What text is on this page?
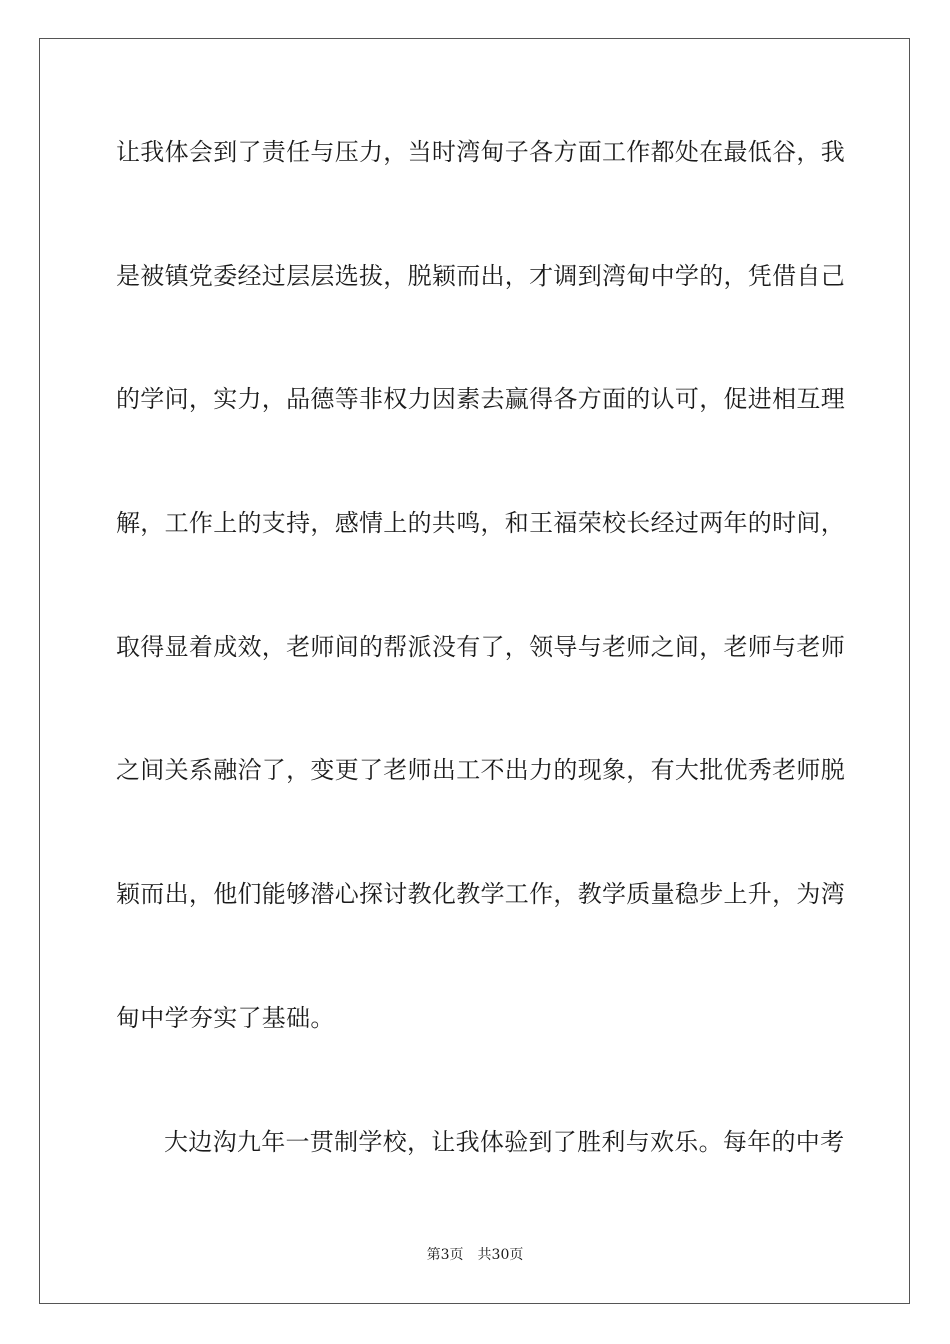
让我体会到了责任与压力，当时湾甸子各方面工作都处在最低谷，我
是被镇党委经过层层选拔，脱颖而出，才调到湾甸中学的，凭借自己
的学问，实力，品德等非权力因素去赢得各方面的认可，促进相互理
解，工作上的支持，感情上的共鸣，和王福荣校长经过两年的时间，
取得显着成效，老师间的帮派没有了，领导与老师之间，老师与老师
之间关系融洽了，变更了老师出工不出力的现象，有大批优秀老师脱
颖而出，他们能够潜心探讨教化教学工作，教学质量稳步上升，为湾
甸中学夯实了基础。
大边沟九年一贯制学校，让我体验到了胜利与欢乐。每年的中考
第3页 共30页
